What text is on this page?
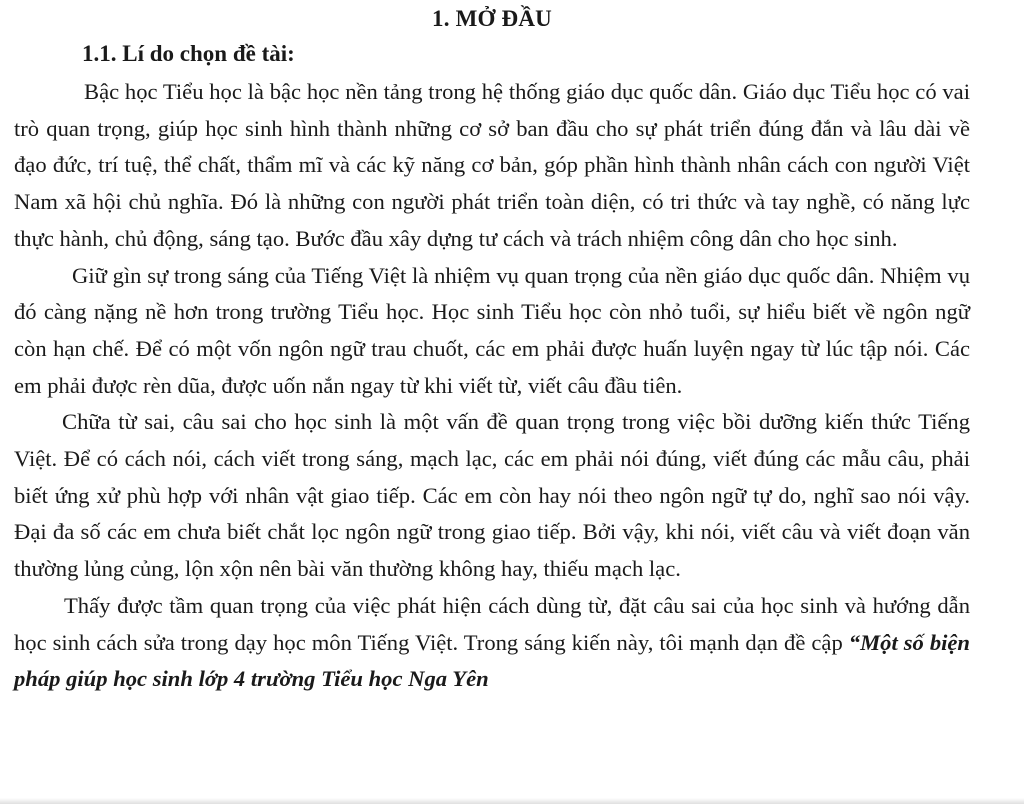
1. MỞ ĐẦU
1.1. Lí do chọn đề tài:

Bậc học Tiểu học là bậc học nền tảng trong hệ thống giáo dục quốc dân. Giáo dục Tiểu học có vai trò quan trọng, giúp học sinh hình thành những cơ sở ban đầu cho sự phát triển đúng đắn và lâu dài về đạo đức, trí tuệ, thể chất, thẩm mĩ và các kỹ năng cơ bản, góp phần hình thành nhân cách con người Việt Nam xã hội chủ nghĩa. Đó là những con người phát triển toàn diện, có tri thức và tay nghề, có năng lực thực hành, chủ động, sáng tạo. Bước đầu xây dựng tư cách và trách nhiệm công dân cho học sinh.

Giữ gìn sự trong sáng của Tiếng Việt là nhiệm vụ quan trọng của nền giáo dục quốc dân. Nhiệm vụ đó càng nặng nề hơn trong trường Tiểu học. Học sinh Tiểu học còn nhỏ tuổi, sự hiểu biết về ngôn ngữ còn hạn chế. Để có một vốn ngôn ngữ trau chuốt, các em phải được huấn luyện ngay từ lúc tập nói. Các em phải được rèn dũa, được uốn nắn ngay từ khi viết từ, viết câu đầu tiên.

Chữa từ sai, câu sai cho học sinh là một vấn đề quan trọng trong việc bồi dưỡng kiến thức Tiếng Việt. Để có cách nói, cách viết trong sáng, mạch lạc, các em phải nói đúng, viết đúng các mẫu câu, phải biết ứng xử phù hợp với nhân vật giao tiếp. Các em còn hay nói theo ngôn ngữ tự do, nghĩ sao nói vậy. Đại đa số các em chưa biết chắt lọc ngôn ngữ trong giao tiếp. Bởi vậy, khi nói, viết câu và viết đoạn văn thường lủng củng, lộn xộn nên bài văn thường không hay, thiếu mạch lạc.

Thấy được tầm quan trọng của việc phát hiện cách dùng từ, đặt câu sai của học sinh và hướng dẫn học sinh cách sửa trong dạy học môn Tiếng Việt. Trong sáng kiến này, tôi mạnh dạn đề cập “Một số biện pháp giúp học sinh lớp 4 trường Tiểu học Nga Yên
